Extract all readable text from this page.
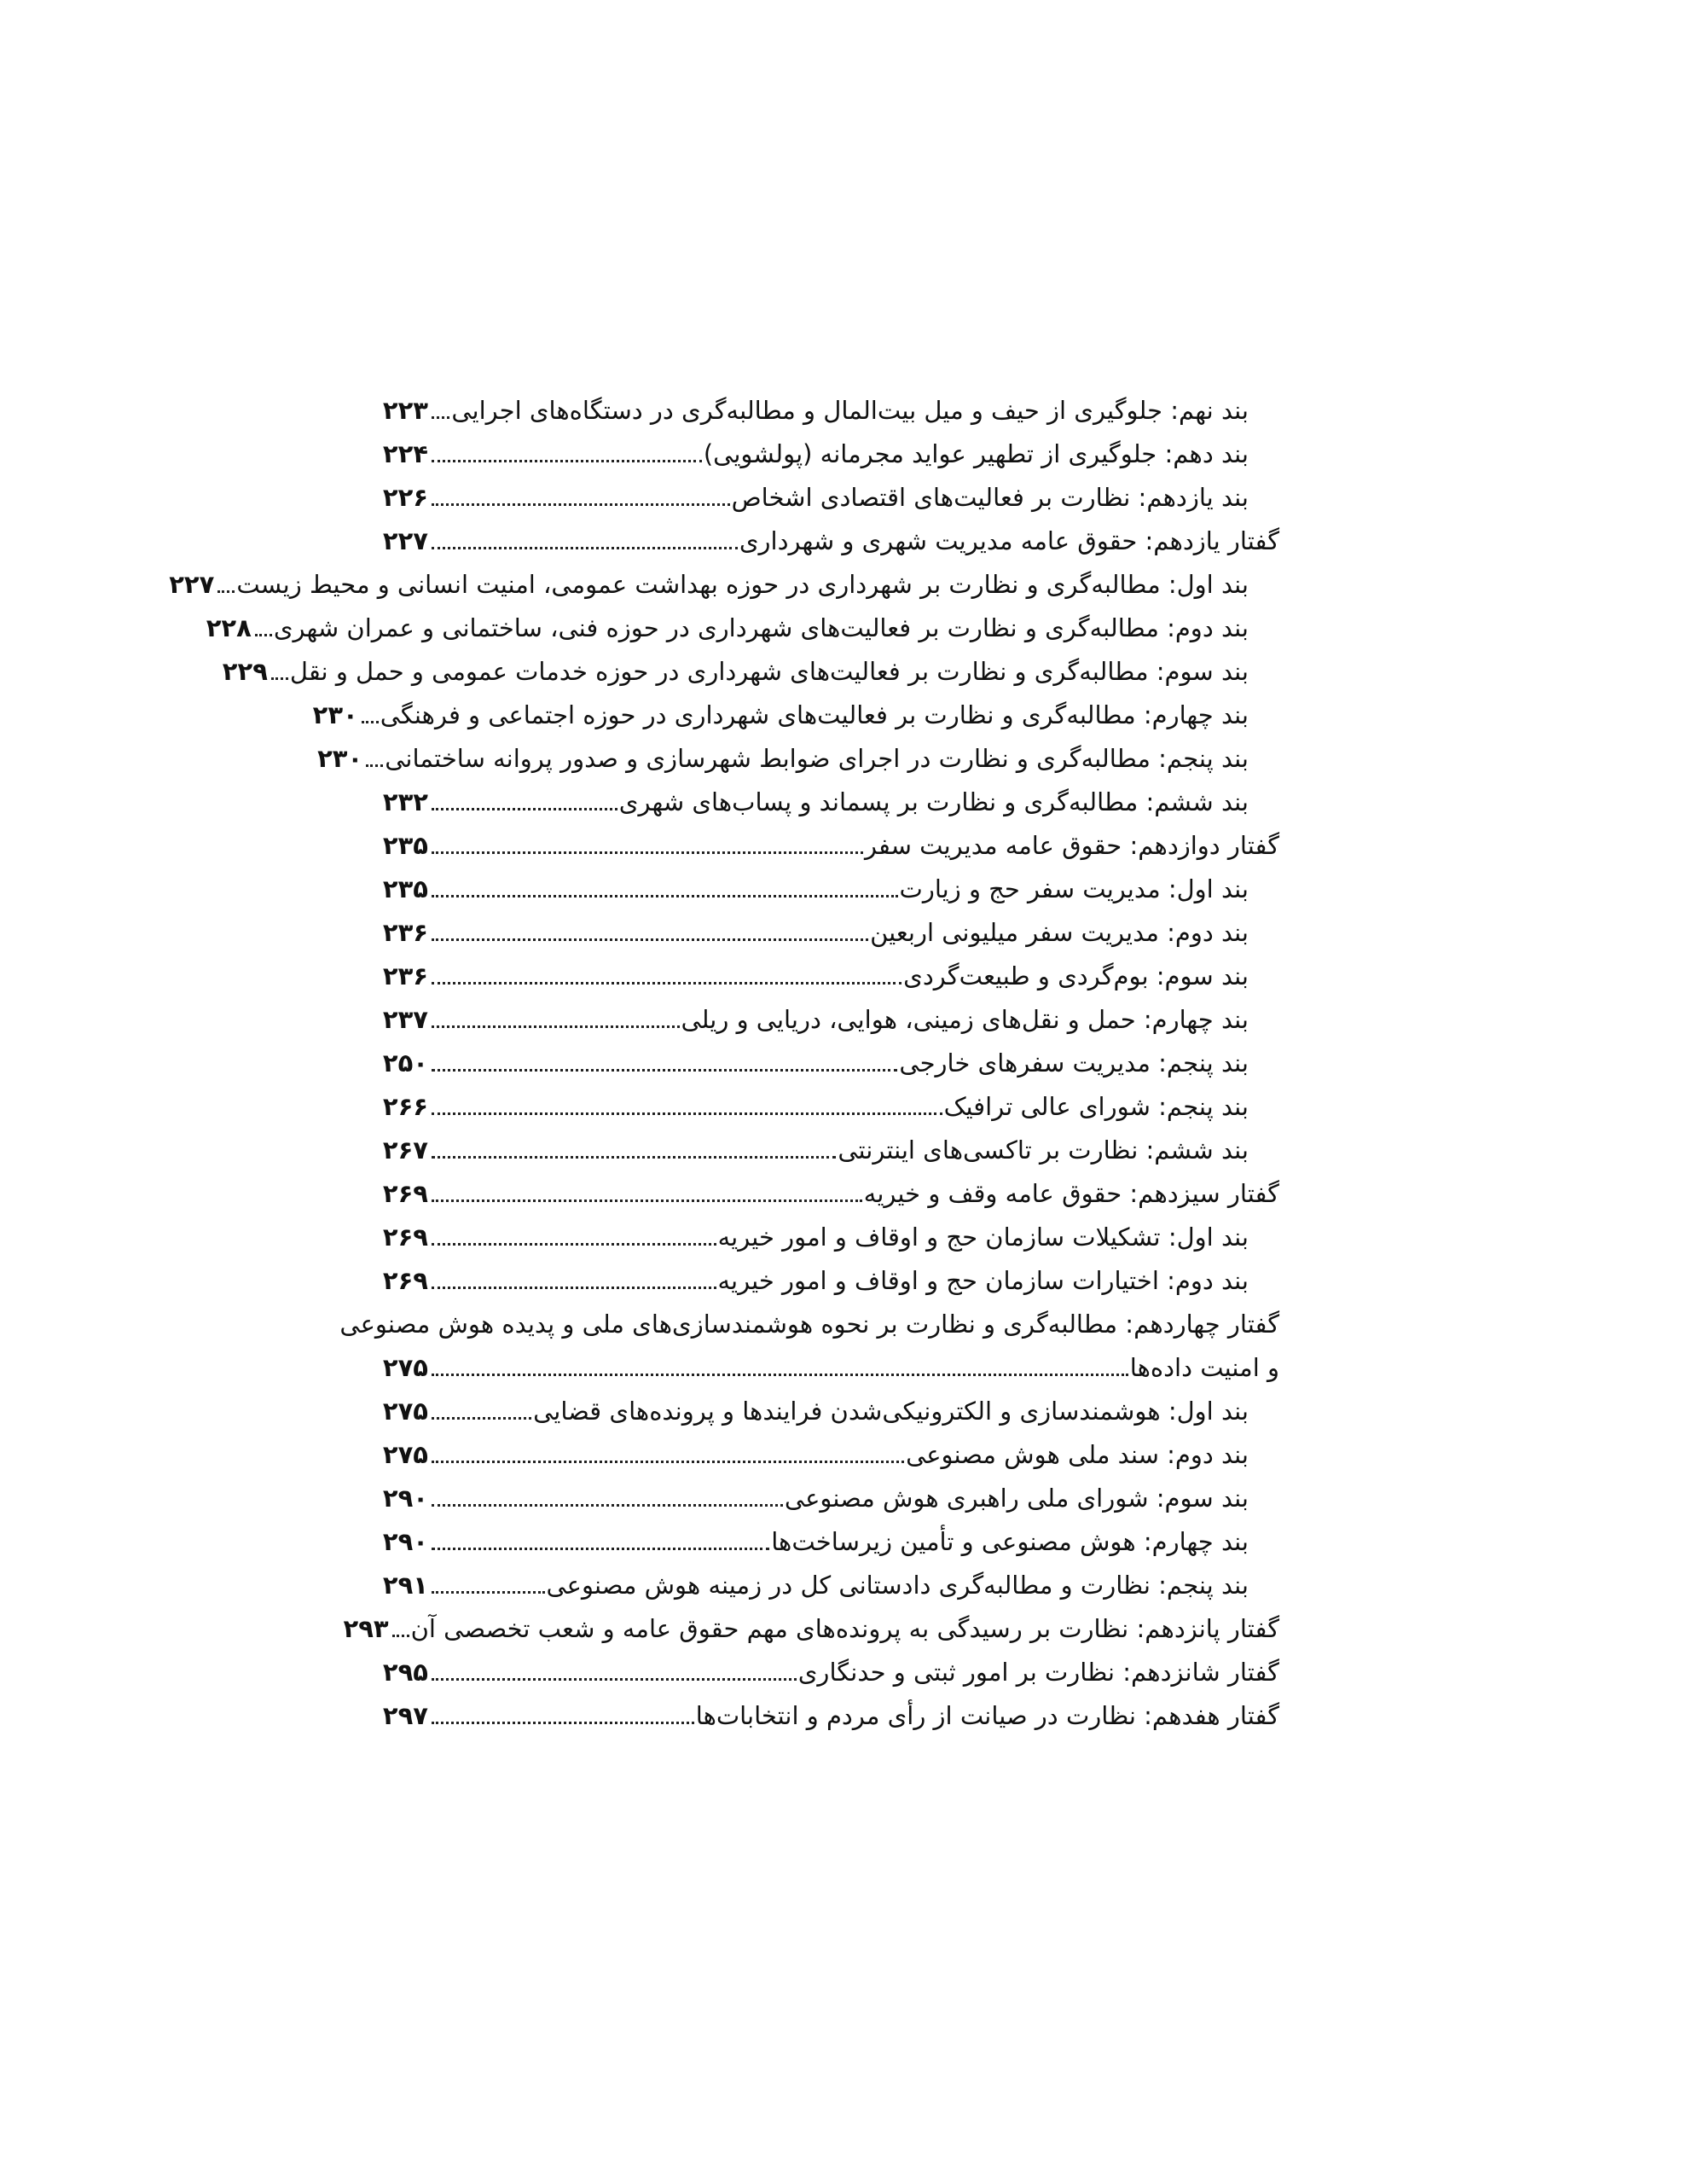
بند نهم: جلوگیری از حیف و میل بیت‌المال و مطالبه‌گری در دستگاه‌های اجرایی
۲۲۳
بند دهم: جلوگیری از تطهیر عواید مجرمانه (پولشویی)
۲۲۴
بند یازدهم: نظارت بر فعالیت‌های اقتصادی اشخاص
۲۲۶
گفتار یازدهم: حقوق عامه مدیریت شهری و شهرداری
۲۲۷
بند اول: مطالبه‌گری و نظارت بر شهرداری در حوزه بهداشت عمومی، امنیت انسانی و محیط زیست
۲۲۷
بند دوم: مطالبه‌گری و نظارت بر فعالیت‌های شهرداری در حوزه فنی، ساختمانی و عمران شهری
۲۲۸
بند سوم: مطالبه‌گری و نظارت بر فعالیت‌های شهرداری در حوزه خدمات عمومی و حمل و نقل
۲۲۹
بند چهارم: مطالبه‌گری و نظارت بر فعالیت‌های شهرداری در حوزه اجتماعی و فرهنگی
۲۳۰
بند پنجم: مطالبه‌گری و نظارت در اجرای ضوابط شهرسازی و صدور پروانه ساختمانی
۲۳۰
بند ششم: مطالبه‌گری و نظارت بر پسماند و پساب‌های شهری
۲۳۲
گفتار دوازدهم: حقوق عامه مدیریت سفر
۲۳۵
بند اول: مدیریت سفر حج و زیارت
۲۳۵
بند دوم: مدیریت سفر میلیونی اربعین
۲۳۶
بند سوم: بوم‌گردی و طبیعت‌گردی
۲۳۶
بند چهارم: حمل و نقل‌های زمینی، هوایی، دریایی و ریلی
۲۳۷
بند پنجم: مدیریت سفرهای خارجی
۲۵۰
بند پنجم: شورای عالی ترافیک
۲۶۶
بند ششم: نظارت بر تاکسی‌های اینترنتی
۲۶۷
گفتار سیزدهم: حقوق عامه وقف و خیریه
۲۶۹
بند اول: تشکیلات سازمان حج و اوقاف و امور خیریه
۲۶۹
بند دوم: اختیارات سازمان حج و اوقاف و امور خیریه
۲۶۹
گفتار چهاردهم: مطالبه‌گری و نظارت بر نحوه هوشمندسازی‌های ملی و پدیده هوش مصنوعی
و امنیت داده‌ها
۲۷۵
بند اول: هوشمندسازی و الکترونیکی‌شدن فرایندها و پرونده‌های قضایی
۲۷۵
بند دوم: سند ملی هوش مصنوعی
۲۷۵
بند سوم: شورای ملی راهبری هوش مصنوعی
۲۹۰
بند چهارم: هوش مصنوعی و تأمین زیرساخت‌ها
۲۹۰
بند پنجم: نظارت و مطالبه‌گری دادستانی کل در زمینه هوش مصنوعی
۲۹۱
گفتار پانزدهم: نظارت بر رسیدگی به پرونده‌های مهم حقوق عامه و شعب تخصصی آن
۲۹۳
گفتار شانزدهم: نظارت بر امور ثبتی و حدنگاری
۲۹۵
گفتار هفدهم: نظارت در صیانت از رأی مردم و انتخابات‌ها
۲۹۷
